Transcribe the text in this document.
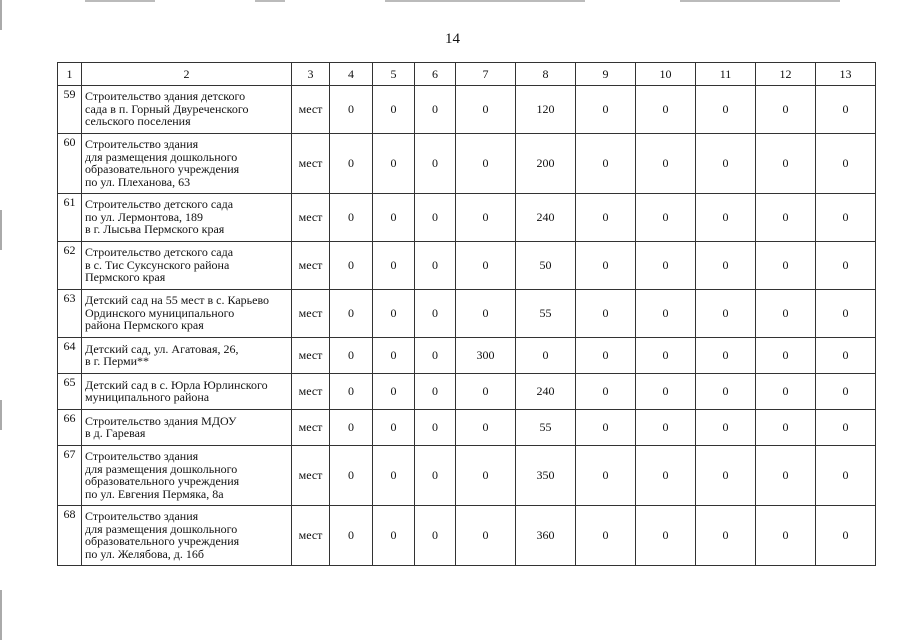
14
1	2	3	4	5	6	7	8	9	10	11	12	13
59	Строительство здания детского
сада в п. Горный Двуреченского
сельского поселения	мест	0	0	0	0	120	0	0	0	0	0
60	Строительство здания
для размещения дошкольного
образовательного учреждения
по ул. Плеханова, 63	мест	0	0	0	0	200	0	0	0	0	0
61	Строительство детского сада
по ул. Лермонтова, 189
в г. Лысьва Пермского края	мест	0	0	0	0	240	0	0	0	0	0
62	Строительство детского сада
в с. Тис Суксунского района
Пермского края	мест	0	0	0	0	50	0	0	0	0	0
63	Детский сад на 55 мест в с. Карьево
Ординского муниципального
района Пермского края	мест	0	0	0	0	55	0	0	0	0	0
64	Детский сад, ул. Агатовая, 26,
в г. Перми**	мест	0	0	0	300	0	0	0	0	0	0
65	Детский сад в с. Юрла Юрлинского
муниципального района	мест	0	0	0	0	240	0	0	0	0	0
66	Строительство здания МДОУ
в д. Гаревая	мест	0	0	0	0	55	0	0	0	0	0
67	Строительство здания
для размещения дошкольного
образовательного учреждения
по ул. Евгения Пермяка, 8а	мест	0	0	0	0	350	0	0	0	0	0
68	Строительство здания
для размещения дошкольного
образовательного учреждения
по ул. Желябова, д. 16б	мест	0	0	0	0	360	0	0	0	0	0
